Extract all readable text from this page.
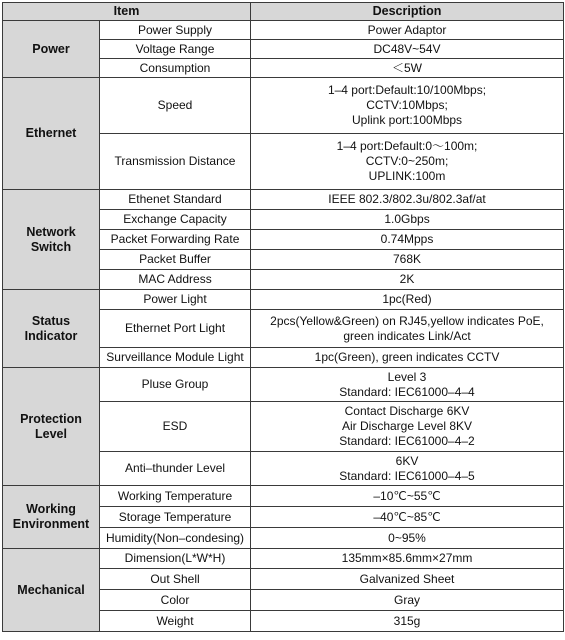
Item		Description
Power	Power Supply	Power Adaptor
	Voltage Range	DC48V~54V
	Consumption	＜5W
Ethernet	Speed	1–4 port:Default:10/100Mbps;
CCTV:10Mbps;
Uplink port:100Mbps
	Transmission Distance	1–4 port:Default:0～100m;
CCTV:0~250m;
UPLINK:100m
Network Switch	Ethenet Standard	IEEE 802.3/802.3u/802.3af/at
	Exchange Capacity	1.0Gbps
	Packet Forwarding Rate	0.74Mpps
	Packet Buffer	768K
	MAC Address	2K
Status Indicator	Power Light	1pc(Red)
	Ethernet Port Light	2pcs(Yellow&Green) on RJ45,yellow indicates PoE,
green indicates Link/Act
	Surveillance Module Light	1pc(Green), green indicates CCTV
Protection Level	Pluse Group	Level 3
Standard: IEC61000–4–4
	ESD	Contact Discharge 6KV
Air Discharge Level 8KV
Standard: IEC61000–4–2
	Anti–thunder Level	6KV
Standard: IEC61000–4–5
Working
Environment	Working Temperature	–10℃~55℃
	Storage Temperature	–40℃~85℃
	Humidity(Non–condesing)	0~95%
Mechanical	Dimension(L*W*H)	135mm×85.6mm×27mm
	Out Shell	Galvanized Sheet
	Color	Gray
	Weight	315g
